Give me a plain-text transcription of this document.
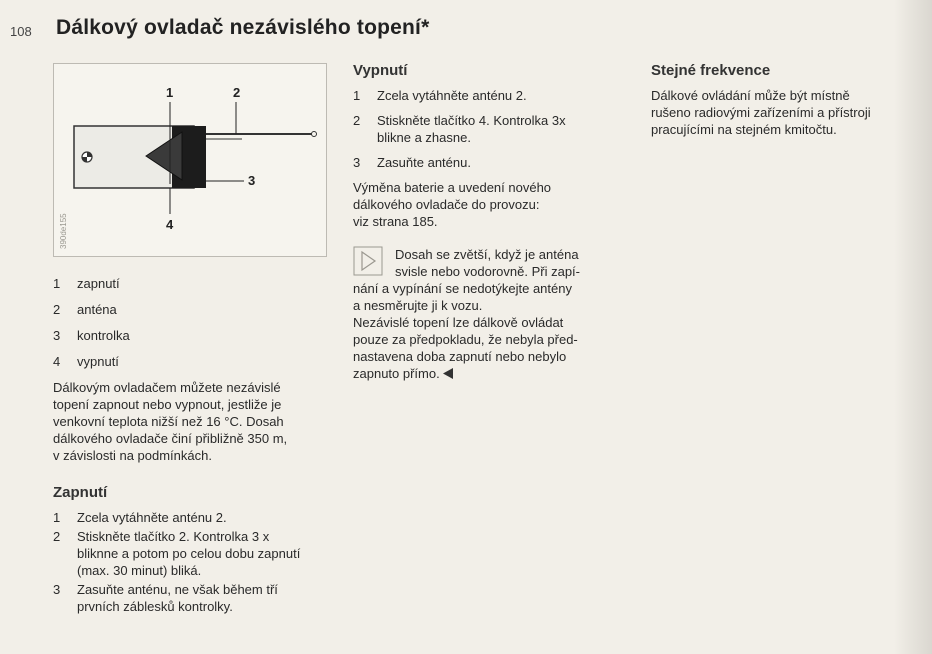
108 Dálkový ovladač nezávislého topení*
1	2
3
4
390de155
1	zapnutí
2	anténa
3	kontrolka
4	vypnutí
Dálkovým ovladačem můžete nezávislé
topení zapnout nebo vypnout, jestliže je
venkovní teplota nižší než 16 °C. Dosah
dálkového ovladače činí přibližně 350 m,
v závislosti na podmínkách.
Zapnutí
1	Zcela vytáhněte anténu 2.
2	Stiskněte tlačítko 2. Kontrolka 3 x
bliknne a potom po celou dobu zapnutí
(max. 30 minut) bliká.
3	Zasuňte anténu, ne však během tří
prvních záblesků kontrolky.
Vypnutí
1	Zcela vytáhněte anténu 2.
2	Stiskněte tlačítko 4. Kontrolka 3x
blikne a zhasne.
3	Zasuňte anténu.
Výměna baterie a uvedení nového
dálkového ovladače do provozu:
viz strana 185.
Dosah se zvětší, když je anténa
svisle nebo vodorovně. Při zapí-
nání a vypínání se nedotýkejte antény
a nesměrujte ji k vozu.
Nezávislé topení lze dálkově ovládat
pouze za předpokladu, že nebyla před-
nastavena doba zapnutí nebo nebylo
zapnuto přímo.
Stejné frekvence
Dálkové ovládání může být místně
rušeno radiovými zařízeními a přístroji
pracujícími na stejném kmitočtu.
